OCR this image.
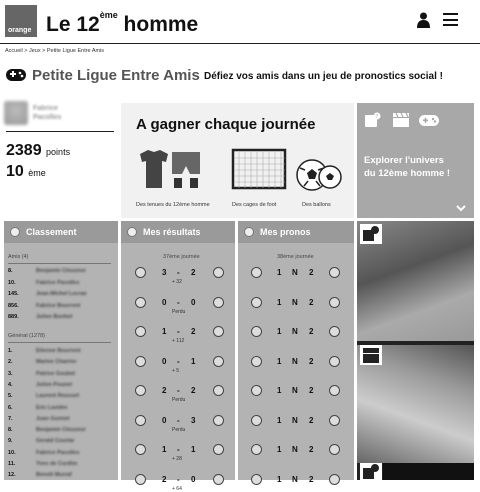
orange Le 12ème homme
Accueil > Jeux > Petite Ligue Entre Amis
Petite Ligue Entre Amis Défiez vos amis dans un jeu de pronostics social !
Fabrice
Pacolles
2389 points
10 ème
A gagner chaque journée
Des tenues du 12ème homme	Des cages de foot	Des ballons
?
Explorer l'univers
du 12ème homme !
Classement	Mes résultats	Mes pronos
Amis (4)
Général (1278)
8.	Benjamin Clouzeur
10.	Fabrice Pacolles
145.	Jean-Michel Lecrae
856.	Fabrice Bourrent
889.	Julien Bonhet
1.	Etienne Bourrent
2.	Marine Charrier
3.	Patrice Goubet
4.	Julien Pounet
5.	Laurent Roussel
6.	Eric Lavidre
7.	Juan Gunnet
8.	Benjamin Clouzeur
9.	Gerald Couriar
10.	Fabrice Pacolles
11.	Yves de Curdim
12.	Benoît Murraf
37ème journée	38ème journée
3 - 2
+ 32
0 - 0
Perdu
1 - 2
+ 112
0 - 1
+ 5
2 - 2
Perdu
0 - 3
Perdu
1 - 1
+ 28
2 - 0
+ 64
1 N 2
1 N 2
1 N 2
1 N 2
1 N 2
1 N 2
1 N 2
1 N 2
